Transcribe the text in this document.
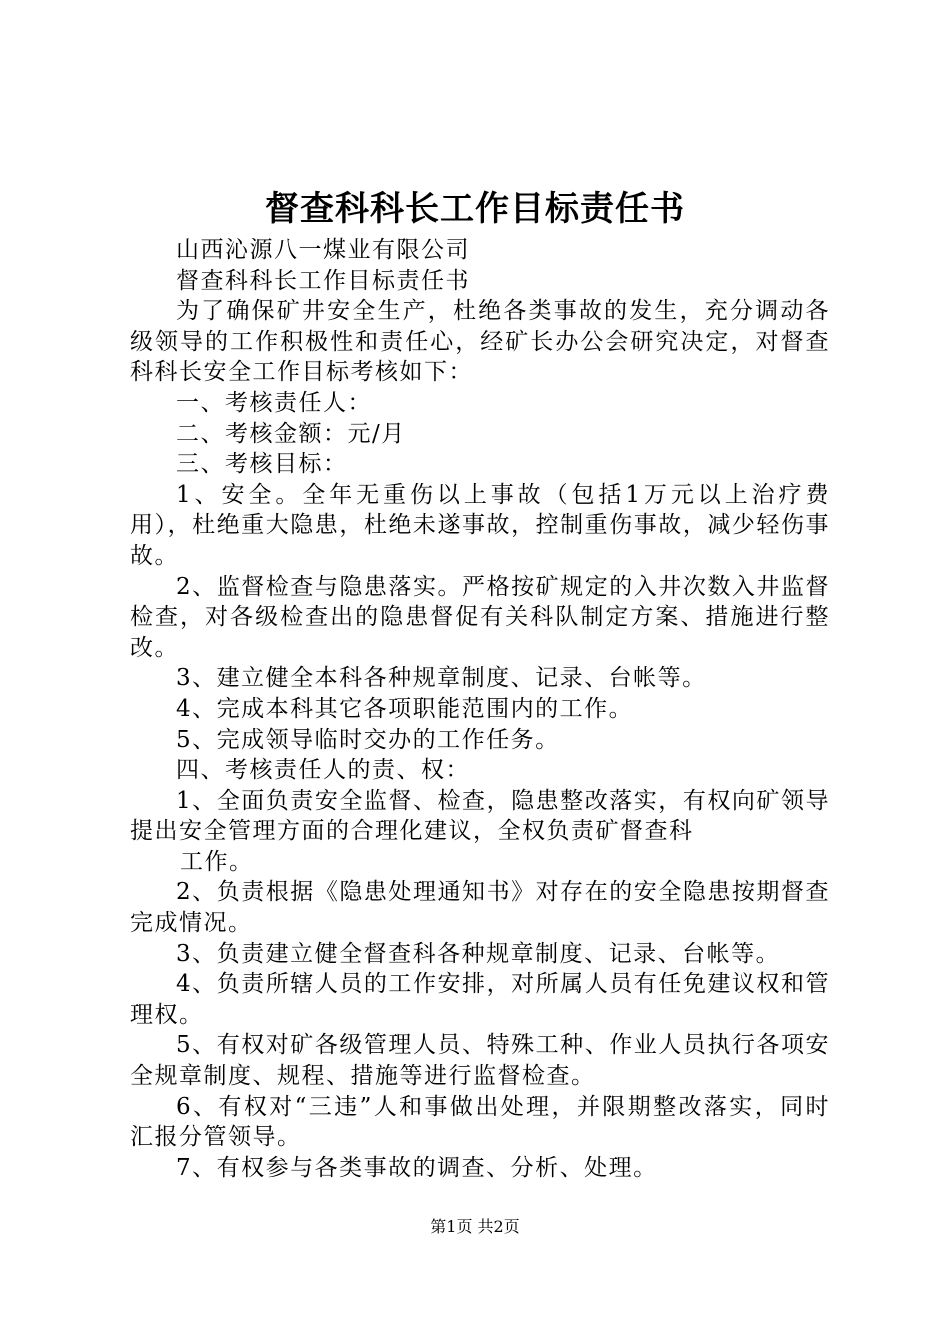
督查科科长工作目标责任书

山西沁源八一煤业有限公司

督查科科长工作目标责任书

为了确保矿井安全生产，杜绝各类事故的发生，充分调动各级领导的工作积极性和责任心，经矿长办公会研究决定，对督查科科长安全工作目标考核如下：

一、考核责任人：

二、考核金额：元/月

三、考核目标：

1、安全。全年无重伤以上事故（包括1万元以上治疗费用），杜绝重大隐患，杜绝未遂事故，控制重伤事故，减少轻伤事故。

2、监督检查与隐患落实。严格按矿规定的入井次数入井监督检查，对各级检查出的隐患督促有关科队制定方案、措施进行整改。

3、建立健全本科各种规章制度、记录、台帐等。

4、完成本科其它各项职能范围内的工作。

5、完成领导临时交办的工作任务。

四、考核责任人的责、权：

1、全面负责安全监督、检查，隐患整改落实，有权向矿领导提出安全管理方面的合理化建议，全权负责矿督查科

工作。

2、负责根据《隐患处理通知书》对存在的安全隐患按期督查完成情况。

3、负责建立健全督查科各种规章制度、记录、台帐等。

4、负责所辖人员的工作安排，对所属人员有任免建议权和管理权。

5、有权对矿各级管理人员、特殊工种、作业人员执行各项安全规章制度、规程、措施等进行监督检查。

6、有权对“三违”人和事做出处理，并限期整改落实，同时汇报分管领导。

7、有权参与各类事故的调查、分析、处理。

第1页 共2页
